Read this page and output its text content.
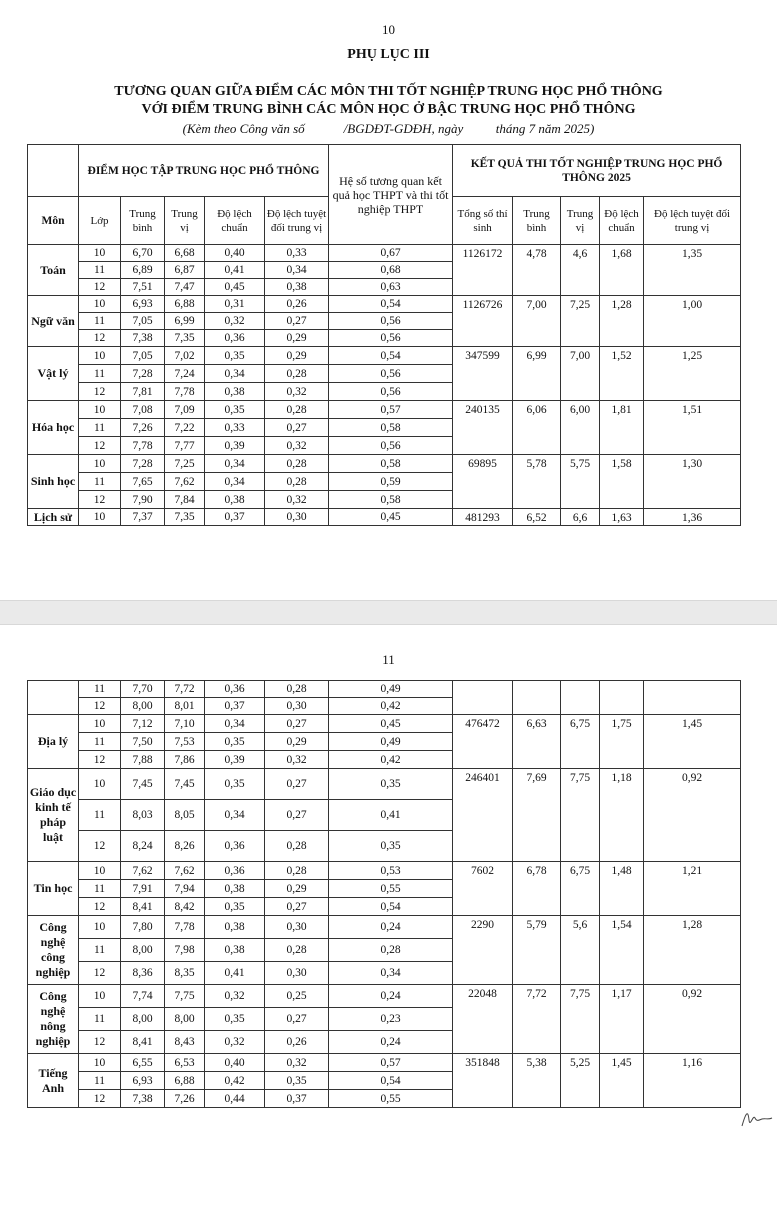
10
PHỤ LỤC III
TƯƠNG QUAN GIỮA ĐIỂM CÁC MÔN THI TỐT NGHIỆP TRUNG HỌC PHỔ THÔNG
VỚI ĐIỂM TRUNG BÌNH CÁC MÔN HỌC Ở BẬC TRUNG HỌC PHỔ THÔNG
(Kèm theo Công văn số            /BGDĐT-GDĐH, ngày          tháng 7 năm 2025)
	ĐIỂM HỌC TẬP TRUNG HỌC PHỔ THÔNG					Hệ số tương quan kết quả học THPT và thi tốt nghiệp THPT	KẾT QUẢ THI TỐT NGHIỆP TRUNG HỌC PHỔ THÔNG 2025				
Môn	Lớp	Trung bình	Trung vị	Độ lệch chuẩn	Độ lệch tuyệt đối trung vị		Tổng số thí sinh	Trung bình	Trung vị	Độ lệch chuẩn	Độ lệch tuyệt đối trung vị
Toán	10	6,70	6,68	0,40	0,33	0,67	1126172	4,78	4,6	1,68	1,35
	11	6,89	6,87	0,41	0,34	0,68					
	12	7,51	7,47	0,45	0,38	0,63					
Ngữ văn	10	6,93	6,88	0,31	0,26	0,54	1126726	7,00	7,25	1,28	1,00
	11	7,05	6,99	0,32	0,27	0,56					
	12	7,38	7,35	0,36	0,29	0,56					
Vật lý	10	7,05	7,02	0,35	0,29	0,54	347599	6,99	7,00	1,52	1,25
	11	7,28	7,24	0,34	0,28	0,56					
	12	7,81	7,78	0,38	0,32	0,56					
Hóa học	10	7,08	7,09	0,35	0,28	0,57	240135	6,06	6,00	1,81	1,51
	11	7,26	7,22	0,33	0,27	0,58					
	12	7,78	7,77	0,39	0,32	0,56					
Sinh học	10	7,28	7,25	0,34	0,28	0,58	69895	5,78	5,75	1,58	1,30
	11	7,65	7,62	0,34	0,28	0,59					
	12	7,90	7,84	0,38	0,32	0,58					
Lịch sử	10	7,37	7,35	0,37	0,30	0,45	481293	6,52	6,6	1,63	1,36
11
	11	7,70	7,72	0,36	0,28	0,49					
	12	8,00	8,01	0,37	0,30	0,42					
Địa lý	10	7,12	7,10	0,34	0,27	0,45	476472	6,63	6,75	1,75	1,45
	11	7,50	7,53	0,35	0,29	0,49					
	12	7,88	7,86	0,39	0,32	0,42					
Giáo dục kinh tế pháp luật	10	7,45	7,45	0,35	0,27	0,35	246401	7,69	7,75	1,18	0,92
	11	8,03	8,05	0,34	0,27	0,41					
	12	8,24	8,26	0,36	0,28	0,35					
Tin học	10	7,62	7,62	0,36	0,28	0,53	7602	6,78	6,75	1,48	1,21
	11	7,91	7,94	0,38	0,29	0,55					
	12	8,41	8,42	0,35	0,27	0,54					
Công nghệ công nghiệp	10	7,80	7,78	0,38	0,30	0,24	2290	5,79	5,6	1,54	1,28
	11	8,00	7,98	0,38	0,28	0,28					
	12	8,36	8,35	0,41	0,30	0,34					
Công nghệ nông nghiệp	10	7,74	7,75	0,32	0,25	0,24	22048	7,72	7,75	1,17	0,92
	11	8,00	8,00	0,35	0,27	0,23					
	12	8,41	8,43	0,32	0,26	0,24					
Tiếng Anh	10	6,55	6,53	0,40	0,32	0,57	351848	5,38	5,25	1,45	1,16
	11	6,93	6,88	0,42	0,35	0,54					
	12	7,38	7,26	0,44	0,37	0,55					
